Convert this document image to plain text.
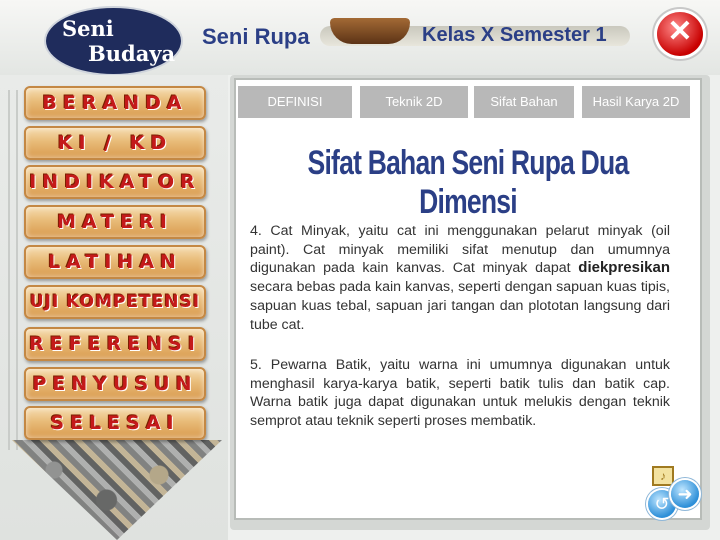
Seni
Budaya
Seni Rupa	Kelas X Semester 1	✕
BERANDA
KI / KD
INDIKATOR
MATERI
LATIHAN
UJI KOMPETENSI
REFERENSI
PENYUSUN
SELESAI
DEFINISI	Teknik 2D	Sifat Bahan	Hasil Karya 2D
Sifat Bahan Seni Rupa Dua Dimensi

4. Cat Minyak, yaitu cat ini menggunakan pelarut minyak (oil paint). Cat minyak memiliki sifat menutup dan umumnya digunakan pada kain kanvas. Cat minyak dapat diekpresikan secara bebas pada kain kanvas, seperti dengan sapuan kuas tipis, sapuan kuas tebal, sapuan jari tangan dan plototan langsung dari tube cat.

5. Pewarna Batik, yaitu warna ini umumnya digunakan untuk menghasil karya-karya batik, seperti batik tulis dan batik cap. Warna batik juga dapat digunakan untuk melukis dengan teknik semprot atau teknik seperti proses membatik.

♪
↺ ➜
